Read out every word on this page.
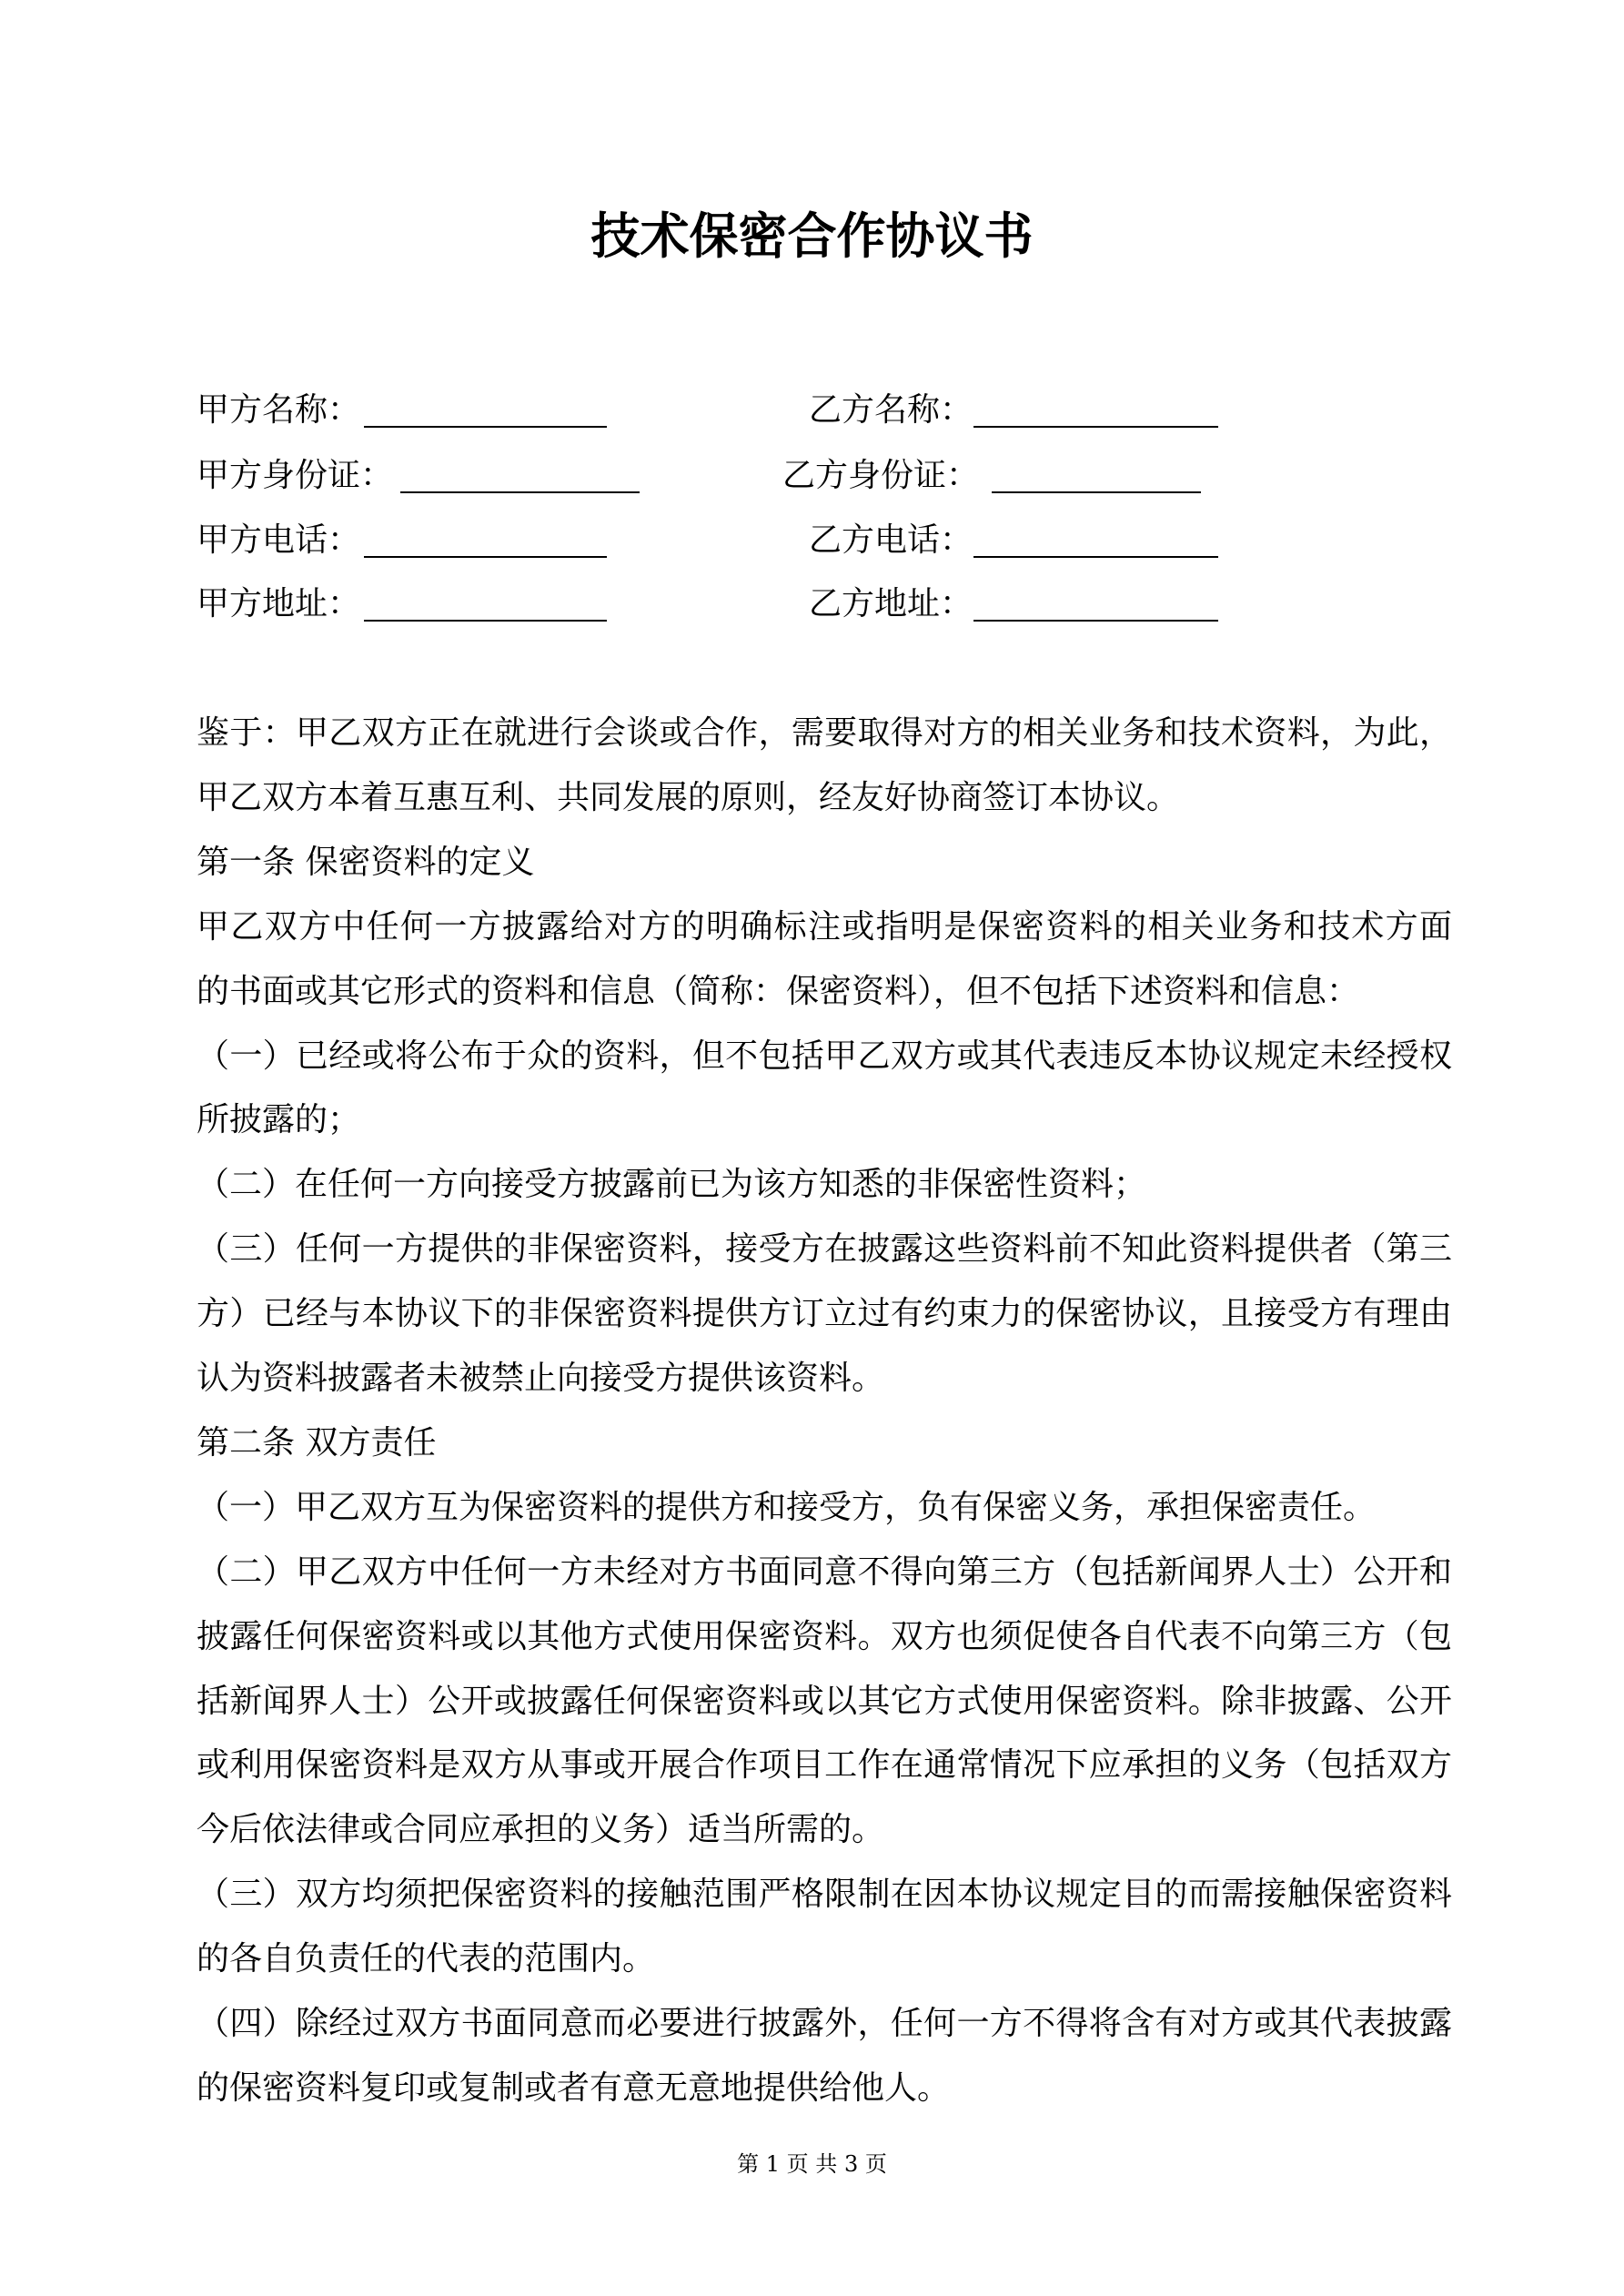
技术保密合作协议书
甲方名称：	乙方名称：
甲方身份证：	乙方身份证：
甲方电话：	乙方电话：
甲方地址：	乙方地址：
鉴于：甲乙双方正在就进行会谈或合作，需要取得对方的相关业务和技术资料，为此，
甲乙双方本着互惠互利、共同发展的原则，经友好协商签订本协议。
第一条 保密资料的定义
甲乙双方中任何一方披露给对方的明确标注或指明是保密资料的相关业务和技术方面
的书面或其它形式的资料和信息（简称：保密资料），但不包括下述资料和信息：
（一）已经或将公布于众的资料，但不包括甲乙双方或其代表违反本协议规定未经授权
所披露的；
（二）在任何一方向接受方披露前已为该方知悉的非保密性资料；
（三）任何一方提供的非保密资料，接受方在披露这些资料前不知此资料提供者（第三
方）已经与本协议下的非保密资料提供方订立过有约束力的保密协议，且接受方有理由
认为资料披露者未被禁止向接受方提供该资料。
第二条 双方责任
（一）甲乙双方互为保密资料的提供方和接受方，负有保密义务，承担保密责任。
（二）甲乙双方中任何一方未经对方书面同意不得向第三方（包括新闻界人士）公开和
披露任何保密资料或以其他方式使用保密资料。双方也须促使各自代表不向第三方（包
括新闻界人士）公开或披露任何保密资料或以其它方式使用保密资料。除非披露、公开
或利用保密资料是双方从事或开展合作项目工作在通常情况下应承担的义务（包括双方
今后依法律或合同应承担的义务）适当所需的。
（三）双方均须把保密资料的接触范围严格限制在因本协议规定目的而需接触保密资料
的各自负责任的代表的范围内。
（四）除经过双方书面同意而必要进行披露外，任何一方不得将含有对方或其代表披露
的保密资料复印或复制或者有意无意地提供给他人。
第 1 页 共 3 页
